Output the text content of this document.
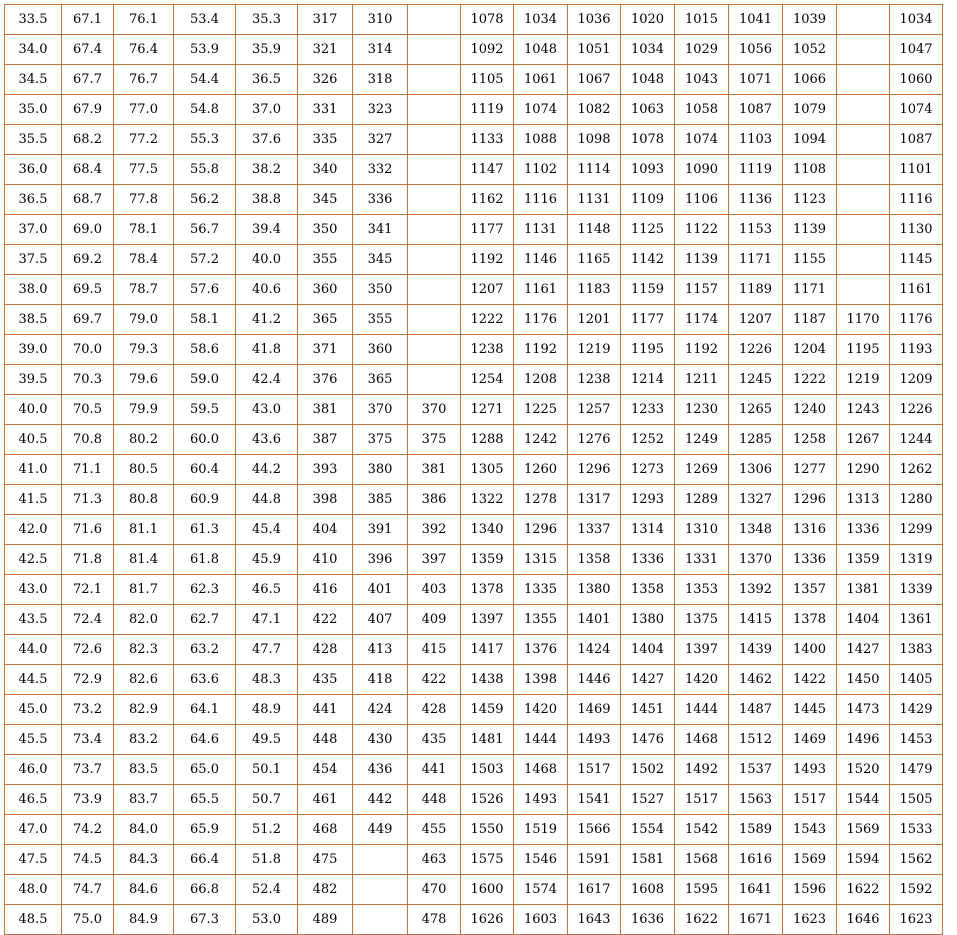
33.5	67.1	76.1	53.4	35.3	317	310		1078	1034	1036	1020	1015	1041	1039		1034
34.0	67.4	76.4	53.9	35.9	321	314		1092	1048	1051	1034	1029	1056	1052		1047
34.5	67.7	76.7	54.4	36.5	326	318		1105	1061	1067	1048	1043	1071	1066		1060
35.0	67.9	77.0	54.8	37.0	331	323		1119	1074	1082	1063	1058	1087	1079		1074
35.5	68.2	77.2	55.3	37.6	335	327		1133	1088	1098	1078	1074	1103	1094		1087
36.0	68.4	77.5	55.8	38.2	340	332		1147	1102	1114	1093	1090	1119	1108		1101
36.5	68.7	77.8	56.2	38.8	345	336		1162	1116	1131	1109	1106	1136	1123		1116
37.0	69.0	78.1	56.7	39.4	350	341		1177	1131	1148	1125	1122	1153	1139		1130
37.5	69.2	78.4	57.2	40.0	355	345		1192	1146	1165	1142	1139	1171	1155		1145
38.0	69.5	78.7	57.6	40.6	360	350		1207	1161	1183	1159	1157	1189	1171		1161
38.5	69.7	79.0	58.1	41.2	365	355		1222	1176	1201	1177	1174	1207	1187	1170	1176
39.0	70.0	79.3	58.6	41.8	371	360		1238	1192	1219	1195	1192	1226	1204	1195	1193
39.5	70.3	79.6	59.0	42.4	376	365		1254	1208	1238	1214	1211	1245	1222	1219	1209
40.0	70.5	79.9	59.5	43.0	381	370	370	1271	1225	1257	1233	1230	1265	1240	1243	1226
40.5	70.8	80.2	60.0	43.6	387	375	375	1288	1242	1276	1252	1249	1285	1258	1267	1244
41.0	71.1	80.5	60.4	44.2	393	380	381	1305	1260	1296	1273	1269	1306	1277	1290	1262
41.5	71.3	80.8	60.9	44.8	398	385	386	1322	1278	1317	1293	1289	1327	1296	1313	1280
42.0	71.6	81.1	61.3	45.4	404	391	392	1340	1296	1337	1314	1310	1348	1316	1336	1299
42.5	71.8	81.4	61.8	45.9	410	396	397	1359	1315	1358	1336	1331	1370	1336	1359	1319
43.0	72.1	81.7	62.3	46.5	416	401	403	1378	1335	1380	1358	1353	1392	1357	1381	1339
43.5	72.4	82.0	62.7	47.1	422	407	409	1397	1355	1401	1380	1375	1415	1378	1404	1361
44.0	72.6	82.3	63.2	47.7	428	413	415	1417	1376	1424	1404	1397	1439	1400	1427	1383
44.5	72.9	82.6	63.6	48.3	435	418	422	1438	1398	1446	1427	1420	1462	1422	1450	1405
45.0	73.2	82.9	64.1	48.9	441	424	428	1459	1420	1469	1451	1444	1487	1445	1473	1429
45.5	73.4	83.2	64.6	49.5	448	430	435	1481	1444	1493	1476	1468	1512	1469	1496	1453
46.0	73.7	83.5	65.0	50.1	454	436	441	1503	1468	1517	1502	1492	1537	1493	1520	1479
46.5	73.9	83.7	65.5	50.7	461	442	448	1526	1493	1541	1527	1517	1563	1517	1544	1505
47.0	74.2	84.0	65.9	51.2	468	449	455	1550	1519	1566	1554	1542	1589	1543	1569	1533
47.5	74.5	84.3	66.4	51.8	475		463	1575	1546	1591	1581	1568	1616	1569	1594	1562
48.0	74.7	84.6	66.8	52.4	482		470	1600	1574	1617	1608	1595	1641	1596	1622	1592
48.5	75.0	84.9	67.3	53.0	489		478	1626	1603	1643	1636	1622	1671	1623	1646	1623
